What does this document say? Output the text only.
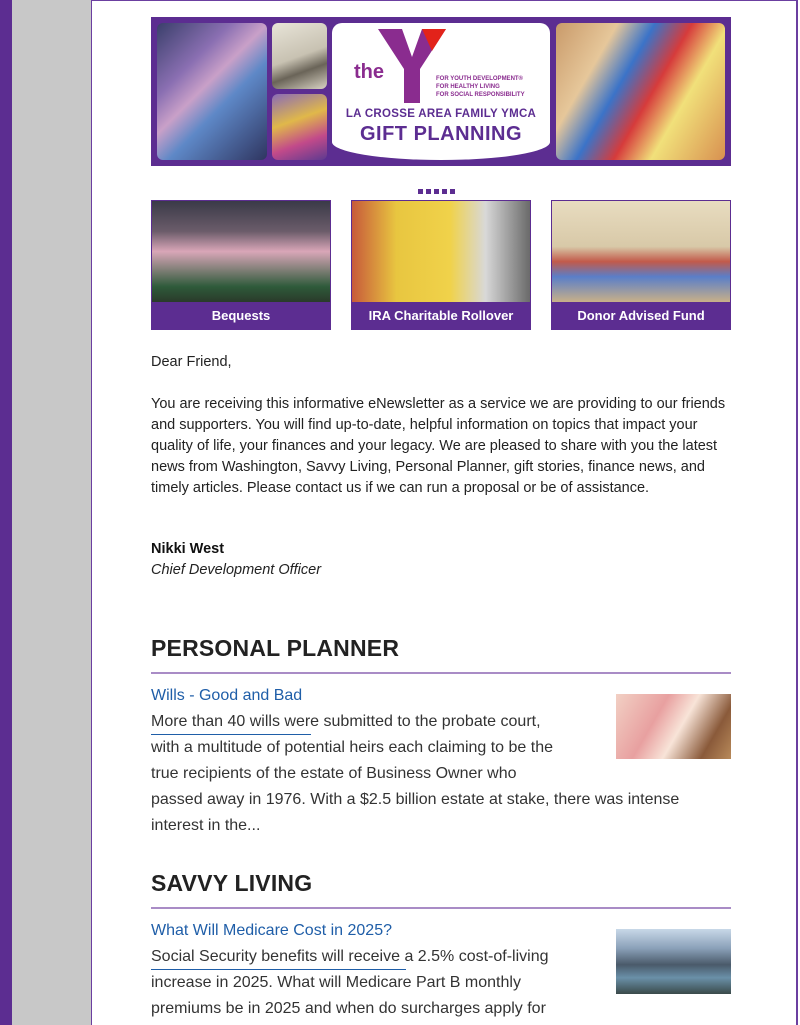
the	FOR YOUTH DEVELOPMENT®
FOR HEALTHY LIVING
FOR SOCIAL RESPONSIBILITY
LA CROSSE AREA FAMILY YMCA
GIFT PLANNING
Bequests	IRA Charitable Rollover	Donor Advised Fund
Dear Friend,
You are receiving this informative eNewsletter as a service we are providing to our friends and supporters. You will find up-to-date, helpful information on topics that impact your quality of life, your finances and your legacy. We are pleased to share with you the latest news from Washington, Savvy Living, Personal Planner, gift stories, finance news, and timely articles. Please contact us if we can run a proposal or be of assistance.
Nikki West
Chief Development Officer
PERSONAL PLANNER
Wills - Good and Bad
More than 40 wills were submitted to the probate court,
with a multitude of potential heirs each claiming to be the
true recipients of the estate of Business Owner who
passed away in 1976. With a $2.5 billion estate at stake, there was intense
interest in the...
SAVVY LIVING
What Will Medicare Cost in 2025?
Social Security benefits will receive a 2.5% cost-of-living
increase in 2025. What will Medicare Part B monthly
premiums be in 2025 and when do surcharges apply for
